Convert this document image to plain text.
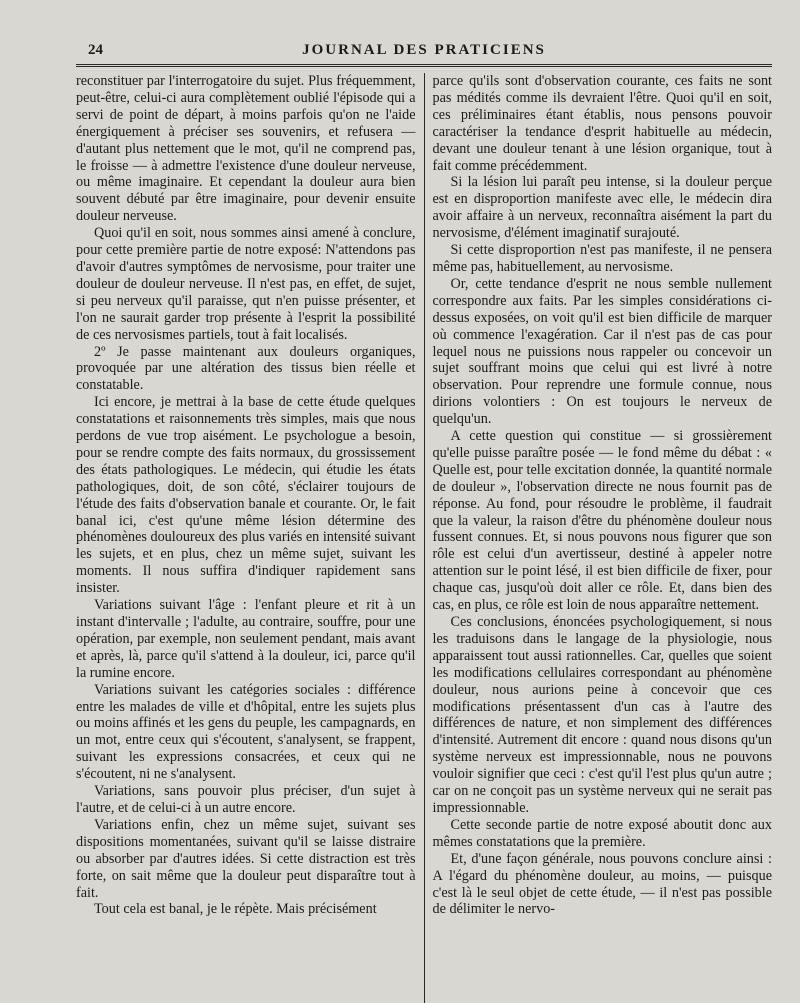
24	JOURNAL DES PRATICIENS

reconstituer par l'interrogatoire du sujet. Plus fréquemment, peut-être, celui-ci aura complètement oublié l'épisode qui a servi de point de départ, à moins parfois qu'on ne l'aide énergiquement à préciser ses souvenirs, et refusera — d'autant plus nettement que le mot, qu'il ne comprend pas, le froisse — à admettre l'existence d'une douleur nerveuse, ou même imaginaire. Et cependant la douleur aura bien souvent débuté par être imaginaire, pour devenir ensuite douleur nerveuse.

Quoi qu'il en soit, nous sommes ainsi amené à conclure, pour cette première partie de notre exposé: N'attendons pas d'avoir d'autres symptômes de nervosisme, pour traiter une douleur de douleur nerveuse. Il n'est pas, en effet, de sujet, si peu nerveux qu'il paraisse, qut n'en puisse présenter, et l'on ne saurait garder trop présente à l'esprit la possibilité de ces nervosismes partiels, tout à fait localisés.

2º Je passe maintenant aux douleurs organiques, provoquée par une altération des tissus bien réelle et constatable.

Ici encore, je mettrai à la base de cette étude quelques constatations et raisonnements très simples, mais que nous perdons de vue trop aisément. Le psychologue a besoin, pour se rendre compte des faits normaux, du grossissement des états pathologiques. Le médecin, qui étudie les états pathologiques, doit, de son côté, s'éclairer toujours de l'étude des faits d'observation banale et courante. Or, le fait banal ici, c'est qu'une même lésion détermine des phénomènes douloureux des plus variés en intensité suivant les sujets, et en plus, chez un même sujet, suivant les moments. Il nous suffira d'indiquer rapidement sans insister.

Variations suivant l'âge : l'enfant pleure et rit à un instant d'intervalle ; l'adulte, au contraire, souffre, pour une opération, par exemple, non seulement pendant, mais avant et après, là, parce qu'il s'attend à la douleur, ici, parce qu'il la rumine encore.

Variations suivant les catégories sociales : différence entre les malades de ville et d'hôpital, entre les sujets plus ou moins affinés et les gens du peuple, les campagnards, en un mot, entre ceux qui s'écoutent, s'analysent, se frappent, suivant les expressions consacrées, et ceux qui ne s'écoutent, ni ne s'analysent.

Variations, sans pouvoir plus préciser, d'un sujet à l'autre, et de celui-ci à un autre encore.

Variations enfin, chez un même sujet, suivant ses dispositions momentanées, suivant qu'il se laisse distraire ou absorber par d'autres idées. Si cette distraction est très forte, on sait même que la douleur peut disparaître tout à fait.

Tout cela est banal, je le répète. Mais précisément

parce qu'ils sont d'observation courante, ces faits ne sont pas médités comme ils devraient l'être. Quoi qu'il en soit, ces préliminaires étant établis, nous pensons pouvoir caractériser la tendance d'esprit habituelle au médecin, devant une douleur tenant à une lésion organique, tout à fait comme précédemment.

Si la lésion lui paraît peu intense, si la douleur perçue est en disproportion manifeste avec elle, le médecin dira avoir affaire à un nerveux, reconnaîtra aisément la part du nervosisme, d'élément imaginatif surajouté.

Si cette disproportion n'est pas manifeste, il ne pensera même pas, habituellement, au nervosisme.

Or, cette tendance d'esprit ne nous semble nullement correspondre aux faits. Par les simples considérations ci-dessus exposées, on voit qu'il est bien difficile de marquer où commence l'exagération. Car il n'est pas de cas pour lequel nous ne puissions nous rappeler ou concevoir un sujet souffrant moins que celui qui est livré à notre observation. Pour reprendre une formule connue, nous dirions volontiers : On est toujours le nerveux de quelqu'un.

A cette question qui constitue — si grossièrement qu'elle puisse paraître posée — le fond même du débat : « Quelle est, pour telle excitation donnée, la quantité normale de douleur », l'observation directe ne nous fournit pas de réponse. Au fond, pour résoudre le problème, il faudrait que la valeur, la raison d'être du phénomène douleur nous fussent connues. Et, si nous pouvons nous figurer que son rôle est celui d'un avertisseur, destiné à appeler notre attention sur le point lésé, il est bien difficile de fixer, pour chaque cas, jusqu'où doit aller ce rôle. Et, dans bien des cas, en plus, ce rôle est loin de nous apparaître nettement.

Ces conclusions, énoncées psychologiquement, si nous les traduisons dans le langage de la physiologie, nous apparaissent tout aussi rationnelles. Car, quelles que soient les modifications cellulaires correspondant au phénomène douleur, nous aurions peine à concevoir que ces modifications présentassent d'un cas à l'autre des différences de nature, et non simplement des différences d'intensité. Autrement dit encore : quand nous disons qu'un système nerveux est impressionnable, nous ne pouvons vouloir signifier que ceci : c'est qu'il l'est plus qu'un autre ; car on ne conçoit pas un système nerveux qui ne serait pas impressionnable.

Cette seconde partie de notre exposé aboutit donc aux mêmes constatations que la première.

Et, d'une façon générale, nous pouvons conclure ainsi : A l'égard du phénomène douleur, au moins, — puisque c'est là le seul objet de cette étude, — il n'est pas possible de délimiter le nervo-
